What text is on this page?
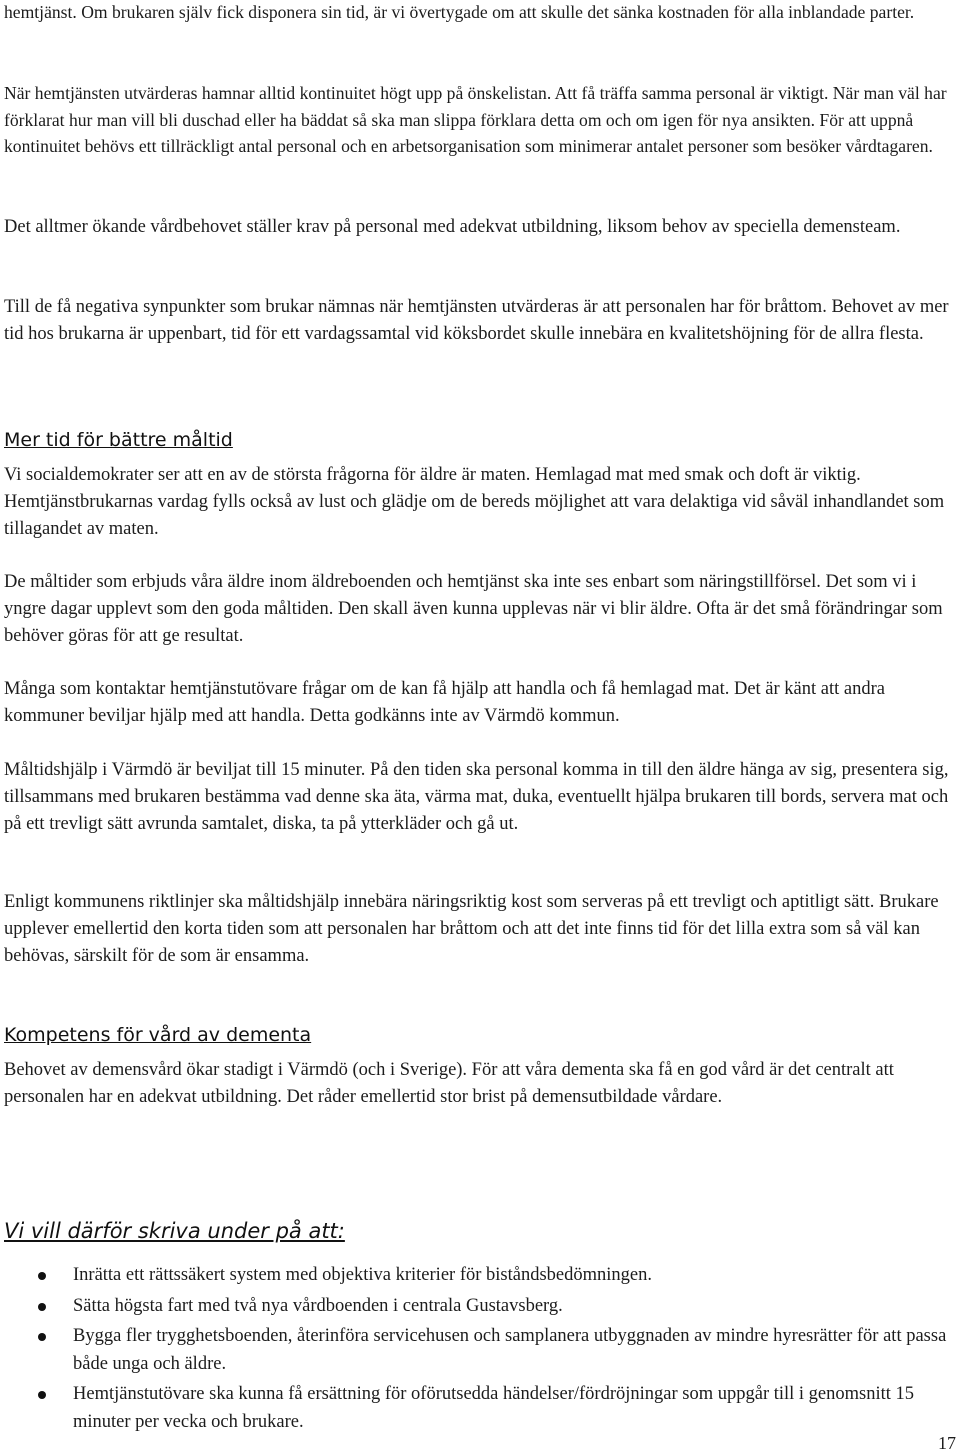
hemtjänst. Om brukaren själv fick disponera sin tid, är vi övertygade om att skulle det sänka kostnaden för alla inblandade parter.

När hemtjänsten utvärderas hamnar alltid kontinuitet högt upp på önskelistan. Att få träffa samma personal är viktigt. När man väl har förklarat hur man vill bli duschad eller ha bäddat så ska man slippa förklara detta om och om igen för nya ansikten. För att uppnå kontinuitet behövs ett tillräckligt antal personal och en arbetsorganisation som minimerar antalet personer som besöker vårdtagaren.

Det alltmer ökande vårdbehovet ställer krav på personal med adekvat utbildning, liksom behov av speciella demensteam.

Till de få negativa synpunkter som brukar nämnas när hemtjänsten utvärderas är att personalen har för bråttom. Behovet av mer tid hos brukarna är uppenbart, tid för ett vardagssamtal vid köksbordet skulle innebära en kvalitetshöjning för de allra flesta.

Mer tid för bättre måltid

Vi socialdemokrater ser att en av de största frågorna för äldre är maten. Hemlagad mat med smak och doft är viktig. Hemtjänstbrukarnas vardag fylls också av lust och glädje om de bereds möjlighet att vara delaktiga vid såväl inhandlandet som tillagandet av maten.

De måltider som erbjuds våra äldre inom äldreboenden och hemtjänst ska inte ses enbart som näringstillförsel. Det som vi i yngre dagar upplevt som den goda måltiden. Den skall även kunna upplevas när vi blir äldre. Ofta är det små förändringar som behöver göras för att ge resultat.

Många som kontaktar hemtjänstutövare frågar om de kan få hjälp att handla och få hemlagad mat. Det är känt att andra kommuner beviljar hjälp med att handla. Detta godkänns inte av Värmdö kommun.

Måltidshjälp i Värmdö är beviljat till 15 minuter. På den tiden ska personal komma in till den äldre hänga av sig, presentera sig, tillsammans med brukaren bestämma vad denne ska äta, värma mat, duka, eventuellt hjälpa brukaren till bords, servera mat och på ett trevligt sätt avrunda samtalet, diska, ta på ytterkläder och gå ut.

Enligt kommunens riktlinjer ska måltidshjälp innebära näringsriktig kost som serveras på ett trevligt och aptitligt sätt. Brukare upplever emellertid den korta tiden som att personalen har bråttom och att det inte finns tid för det lilla extra som så väl kan behövas, särskilt för de som är ensamma.

Kompetens för vård av dementa

Behovet av demensvård ökar stadigt i Värmdö (och i Sverige). För att våra dementa ska få en god vård är det centralt att personalen har en adekvat utbildning. Det råder emellertid stor brist på demensutbildade vårdare.

Vi vill därför skriva under på att:
Inrätta ett rättssäkert system med objektiva kriterier för biståndsbedömningen.
Sätta högsta fart med två nya vårdboenden i centrala Gustavsberg.
Bygga fler trygghetsboenden, återinföra servicehusen och samplanera utbyggnaden av mindre hyresrätter för att passa både unga och äldre.
Hemtjänstutövare ska kunna få ersättning för oförutsedda händelser/fördröjningar som uppgår till i genomsnitt 15 minuter per vecka och brukare.
17
